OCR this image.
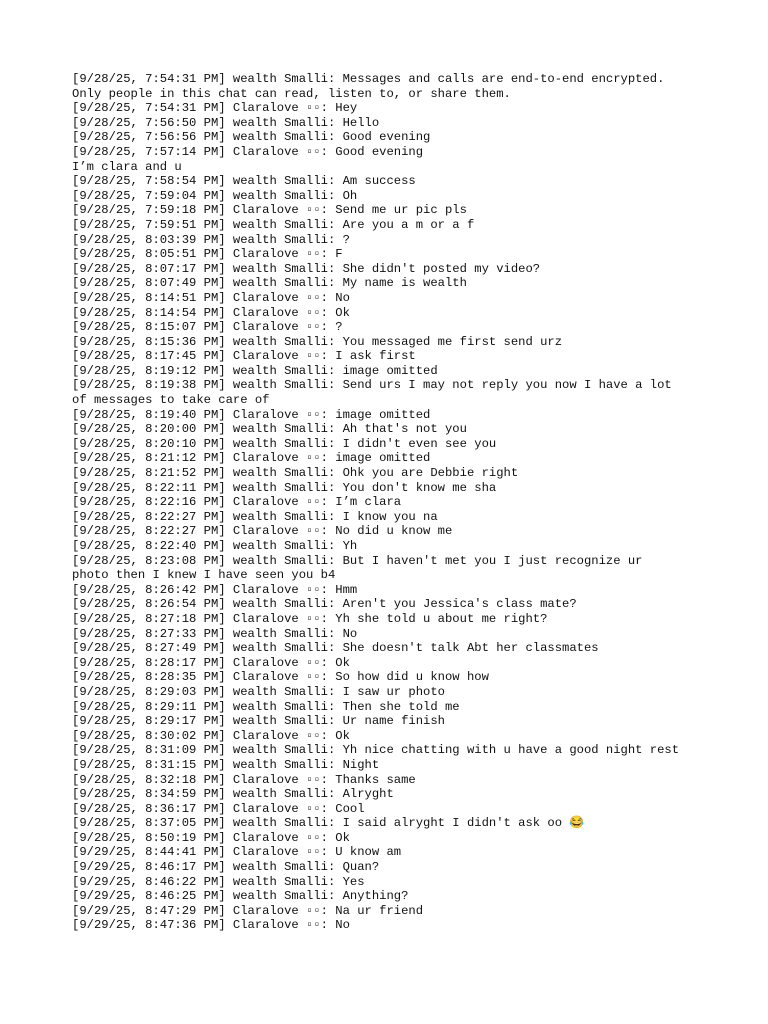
[9/28/25, 7:54:31 PM] wealth Smalli: Messages and calls are end-to-end encrypted.
Only people in this chat can read, listen to, or share them.
[9/28/25, 7:54:31 PM] Claralove ▫▫: Hey
[9/28/25, 7:56:50 PM] wealth Smalli: Hello
[9/28/25, 7:56:56 PM] wealth Smalli: Good evening
[9/28/25, 7:57:14 PM] Claralove ▫▫: Good evening
I’m clara and u
[9/28/25, 7:58:54 PM] wealth Smalli: Am success
[9/28/25, 7:59:04 PM] wealth Smalli: Oh
[9/28/25, 7:59:18 PM] Claralove ▫▫: Send me ur pic pls
[9/28/25, 7:59:51 PM] wealth Smalli: Are you a m or a f
[9/28/25, 8:03:39 PM] wealth Smalli: ?
[9/28/25, 8:05:51 PM] Claralove ▫▫: F
[9/28/25, 8:07:17 PM] wealth Smalli: She didn't posted my video?
[9/28/25, 8:07:49 PM] wealth Smalli: My name is wealth
[9/28/25, 8:14:51 PM] Claralove ▫▫: No
[9/28/25, 8:14:54 PM] Claralove ▫▫: Ok
[9/28/25, 8:15:07 PM] Claralove ▫▫: ?
[9/28/25, 8:15:36 PM] wealth Smalli: You messaged me first send urz
[9/28/25, 8:17:45 PM] Claralove ▫▫: I ask first
[9/28/25, 8:19:12 PM] wealth Smalli: image omitted
[9/28/25, 8:19:38 PM] wealth Smalli: Send urs I may not reply you now I have a lot
of messages to take care of
[9/28/25, 8:19:40 PM] Claralove ▫▫: image omitted
[9/28/25, 8:20:00 PM] wealth Smalli: Ah that's not you
[9/28/25, 8:20:10 PM] wealth Smalli: I didn't even see you
[9/28/25, 8:21:12 PM] Claralove ▫▫: image omitted
[9/28/25, 8:21:52 PM] wealth Smalli: Ohk you are Debbie right
[9/28/25, 8:22:11 PM] wealth Smalli: You don't know me sha
[9/28/25, 8:22:16 PM] Claralove ▫▫: I’m clara
[9/28/25, 8:22:27 PM] wealth Smalli: I know you na
[9/28/25, 8:22:27 PM] Claralove ▫▫: No did u know me
[9/28/25, 8:22:40 PM] wealth Smalli: Yh
[9/28/25, 8:23:08 PM] wealth Smalli: But I haven't met you I just recognize ur
photo then I knew I have seen you b4
[9/28/25, 8:26:42 PM] Claralove ▫▫: Hmm
[9/28/25, 8:26:54 PM] wealth Smalli: Aren't you Jessica's class mate?
[9/28/25, 8:27:18 PM] Claralove ▫▫: Yh she told u about me right?
[9/28/25, 8:27:33 PM] wealth Smalli: No
[9/28/25, 8:27:49 PM] wealth Smalli: She doesn't talk Abt her classmates
[9/28/25, 8:28:17 PM] Claralove ▫▫: Ok
[9/28/25, 8:28:35 PM] Claralove ▫▫: So how did u know how
[9/28/25, 8:29:03 PM] wealth Smalli: I saw ur photo
[9/28/25, 8:29:11 PM] wealth Smalli: Then she told me
[9/28/25, 8:29:17 PM] wealth Smalli: Ur name finish
[9/28/25, 8:30:02 PM] Claralove ▫▫: Ok
[9/28/25, 8:31:09 PM] wealth Smalli: Yh nice chatting with u have a good night rest
[9/28/25, 8:31:15 PM] wealth Smalli: Night
[9/28/25, 8:32:18 PM] Claralove ▫▫: Thanks same
[9/28/25, 8:34:59 PM] wealth Smalli: Alryght
[9/28/25, 8:36:17 PM] Claralove ▫▫: Cool
[9/28/25, 8:37:05 PM] wealth Smalli: I said alryght I didn't ask oo 😂
[9/28/25, 8:50:19 PM] Claralove ▫▫: Ok
[9/29/25, 8:44:41 PM] Claralove ▫▫: U know am
[9/29/25, 8:46:17 PM] wealth Smalli: Quan?
[9/29/25, 8:46:22 PM] wealth Smalli: Yes
[9/29/25, 8:46:25 PM] wealth Smalli: Anything?
[9/29/25, 8:47:29 PM] Claralove ▫▫: Na ur friend
[9/29/25, 8:47:36 PM] Claralove ▫▫: No
